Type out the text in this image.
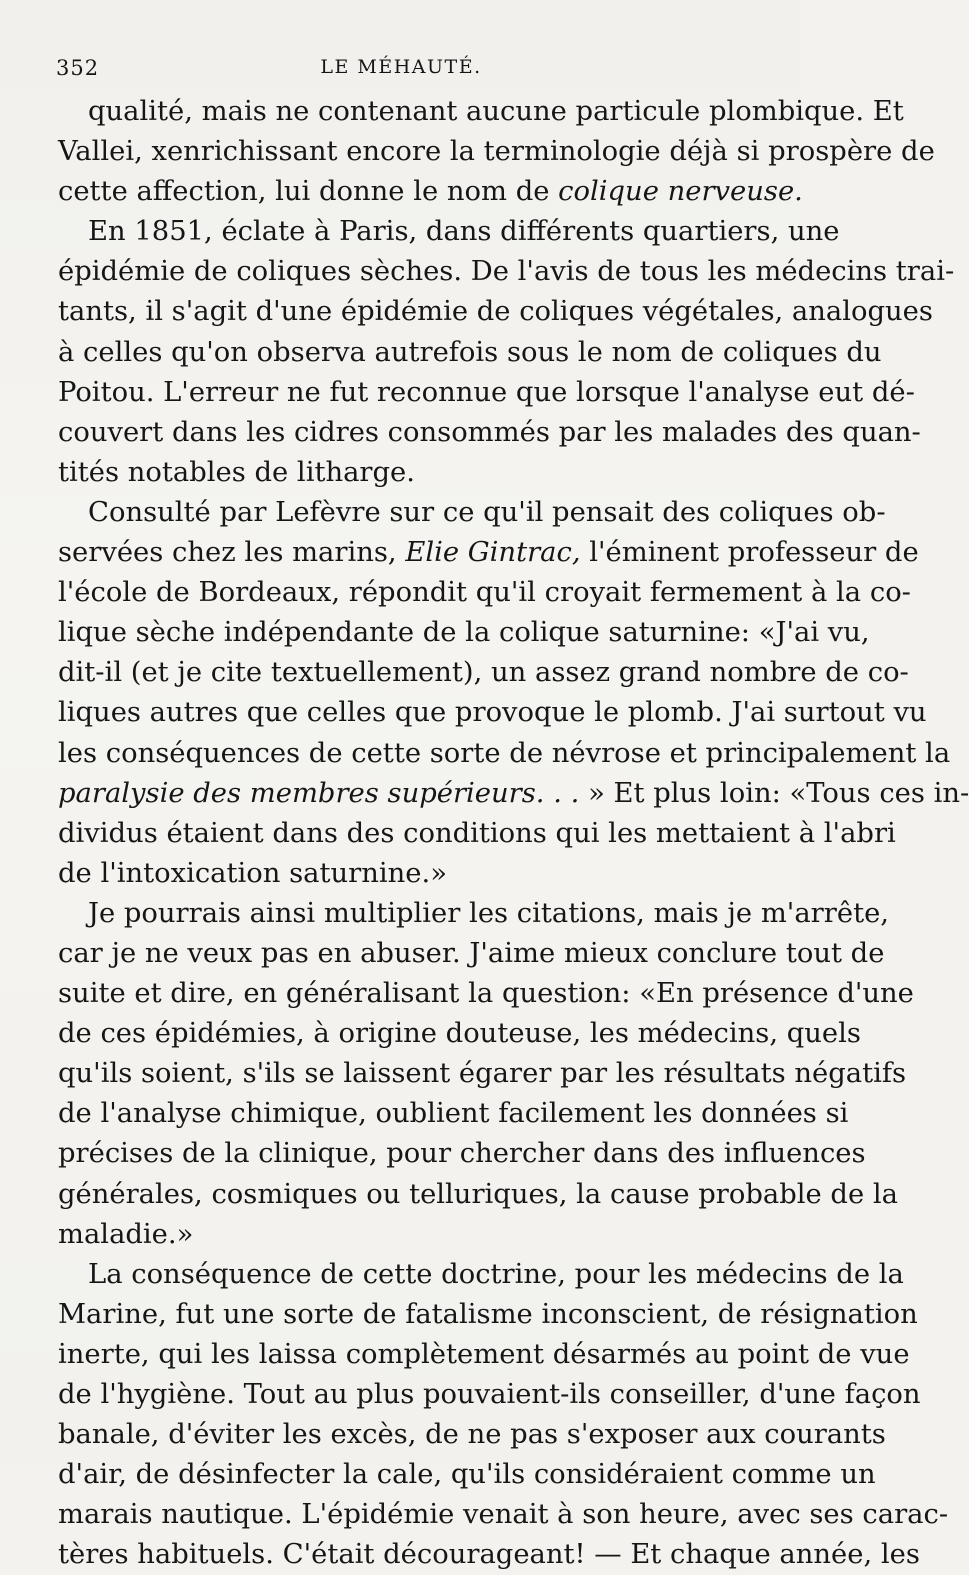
352	LE MÉHAUTÉ.
qualité, mais ne contenant aucune particule plombique. Et
Vallei, xenrichissant encore la terminologie déjà si prospère de
cette affection, lui donne le nom de colique nerveuse.
En 1851, éclate à Paris, dans différents quartiers, une
épidémie de coliques sèches. De l'avis de tous les médecins trai-
tants, il s'agit d'une épidémie de coliques végétales, analogues
à celles qu'on observa autrefois sous le nom de coliques du
Poitou. L'erreur ne fut reconnue que lorsque l'analyse eut dé-
couvert dans les cidres consommés par les malades des quan-
tités notables de litharge.
Consulté par Lefèvre sur ce qu'il pensait des coliques ob-
servées chez les marins, Elie Gintrac, l'éminent professeur de
l'école de Bordeaux, répondit qu'il croyait fermement à la co-
lique sèche indépendante de la colique saturnine: «J'ai vu,
dit-il (et je cite textuellement), un assez grand nombre de co-
liques autres que celles que provoque le plomb. J'ai surtout vu
les conséquences de cette sorte de névrose et principalement la
paralysie des membres supérieurs. . . » Et plus loin: «Tous ces in-
dividus étaient dans des conditions qui les mettaient à l'abri
de l'intoxication saturnine.»
Je pourrais ainsi multiplier les citations, mais je m'arrête,
car je ne veux pas en abuser. J'aime mieux conclure tout de
suite et dire, en généralisant la question: «En présence d'une
de ces épidémies, à origine douteuse, les médecins, quels
qu'ils soient, s'ils se laissent égarer par les résultats négatifs
de l'analyse chimique, oublient facilement les données si
précises de la clinique, pour chercher dans des influences
générales, cosmiques ou telluriques, la cause probable de la
maladie.»
La conséquence de cette doctrine, pour les médecins de la
Marine, fut une sorte de fatalisme inconscient, de résignation
inerte, qui les laissa complètement désarmés au point de vue
de l'hygiène. Tout au plus pouvaient-ils conseiller, d'une façon
banale, d'éviter les excès, de ne pas s'exposer aux courants
d'air, de désinfecter la cale, qu'ils considéraient comme un
marais nautique. L'épidémie venait à son heure, avec ses carac-
tères habituels. C'était décourageant! — Et chaque année, les
